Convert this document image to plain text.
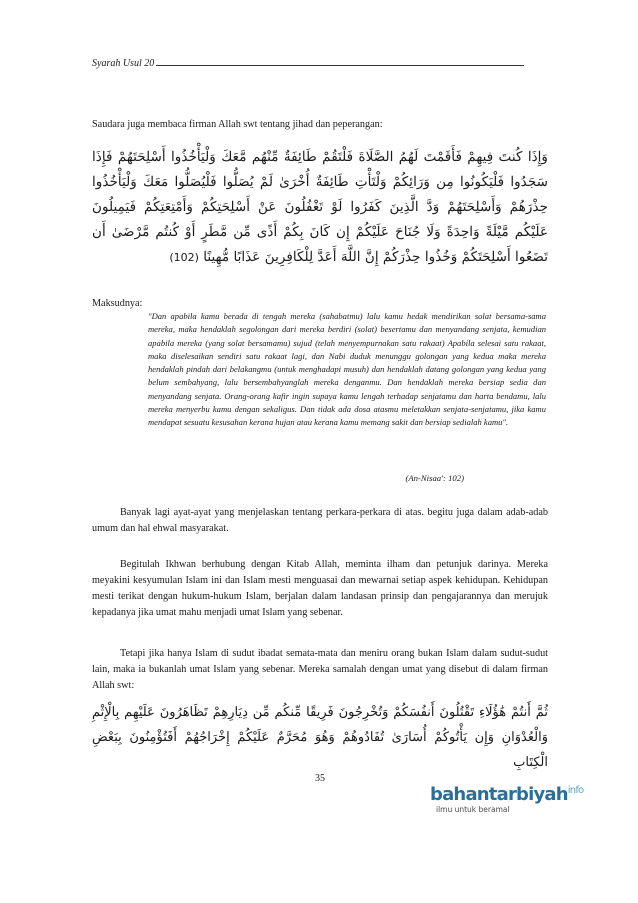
Syarah Usul 20
Saudara juga membaca firman Allah swt tentang jihad dan peperangan:
وَإِذَا كُنتَ فِيهِمْ فَأَقَمْتَ لَهُمُ الصَّلَاةَ فَلْتَقُمْ طَائِفَةٌ مِّنْهُم مَّعَكَ وَلْيَأْخُذُوا أَسْلِحَتَهُمْ فَإِذَا سَجَدُوا فَلْيَكُونُوا مِن وَرَائِكُمْ وَلْتَأْتِ طَائِفَةٌ أُخْرَىٰ لَمْ يُصَلُّوا فَلْيُصَلُّوا مَعَكَ وَلْيَأْخُذُوا حِذْرَهُمْ وَأَسْلِحَتَهُمْ وَدَّ الَّذِينَ كَفَرُوا لَوْ تَغْفُلُونَ عَنْ أَسْلِحَتِكُمْ وَأَمْتِعَتِكُمْ فَيَمِيلُونَ عَلَيْكُم مَّيْلَةً وَاحِدَةً وَلَا جُنَاحَ عَلَيْكُمْ إِن كَانَ بِكُمْ أَذًى مِّن مَّطَرٍ أَوْ كُنتُم مَّرْضَىٰ أَن تَضَعُوا أَسْلِحَتَكُمْ وَخُذُوا حِذْرَكُمْ إِنَّ اللَّهَ أَعَدَّ لِلْكَافِرِينَ عَذَابًا مُّهِينًا (102)
Maksudnya:
"Dan apabila kamu berada di tengah mereka (sahabatmu) lalu kamu hedak mendirikan solat bersama-sama mereka, maka hendaklah segolongan dari mereka berdiri (solat) besertamu dan menyandang senjata, kemudian apabila mereka (yang solat bersamamu) sujud (telah menyempurnakan satu rakaat) Apabila selesai satu rakaat, maka diselesaikan sendiri satu rakaat lagi, dan Nabi duduk menunggu golongan yang kedua maka mereka hendaklah pindah dari belakangmu (untuk menghadapi musuh) dan hendaklah datang golongan yang kedua yang belum sembahyang, lalu bersembahyanglah mereka denganmu. Dan hendaklah mereka bersiap sedia dan menyandang senjata. Orang-orang kafir ingin supaya kamu lengah terhadap senjatamu dan harta bendamu, lalu mereka menyerbu kamu dengan sekaligus. Dan tidak ada dosa atasmu meletakkan senjata-senjatamu, jika kamu mendapat sesuatu kesusahan kerana hujan atau kerana kamu memang sakit dan bersiap sedialah kamu".
(An-Nisaa': 102)
Banyak lagi ayat-ayat yang menjelaskan tentang perkara-perkara di atas. begitu juga dalam adab-adab umum dan hal ehwal masyarakat.
Begitulah Ikhwan berhubung dengan Kitab Allah, meminta ilham dan petunjuk darinya. Mereka meyakini kesyumulan Islam ini dan Islam mesti menguasai dan mewarnai setiap aspek kehidupan. Kehidupan mesti terikat dengan hukum-hukum Islam, berjalan dalam landasan prinsip dan pengajarannya dan merujuk kepadanya jika umat mahu menjadi umat Islam yang sebenar.
Tetapi jika hanya Islam di sudut ibadat semata-mata dan meniru orang bukan Islam dalam sudut-sudut lain, maka ia bukanlah umat Islam yang sebenar. Mereka samalah dengan umat yang disebut di dalam firman Allah swt:
ثُمَّ أَنتُمْ هَٰؤُلَاءِ تَقْتُلُونَ أَنفُسَكُمْ وَتُخْرِجُونَ فَرِيقًا مِّنكُم مِّن دِيَارِهِمْ تَظَاهَرُونَ عَلَيْهِم بِالْإِثْمِ وَالْعُدْوَانِ وَإِن يَأْتُوكُمْ أُسَارَىٰ تُفَادُوهُمْ وَهُوَ مُحَرَّمٌ عَلَيْكُمْ إِخْرَاجُهُمْ أَفَتُؤْمِنُونَ بِبَعْضِ الْكِتَابِ
35
bahantarbiyah$^{info}$
ilmu untuk beramal
